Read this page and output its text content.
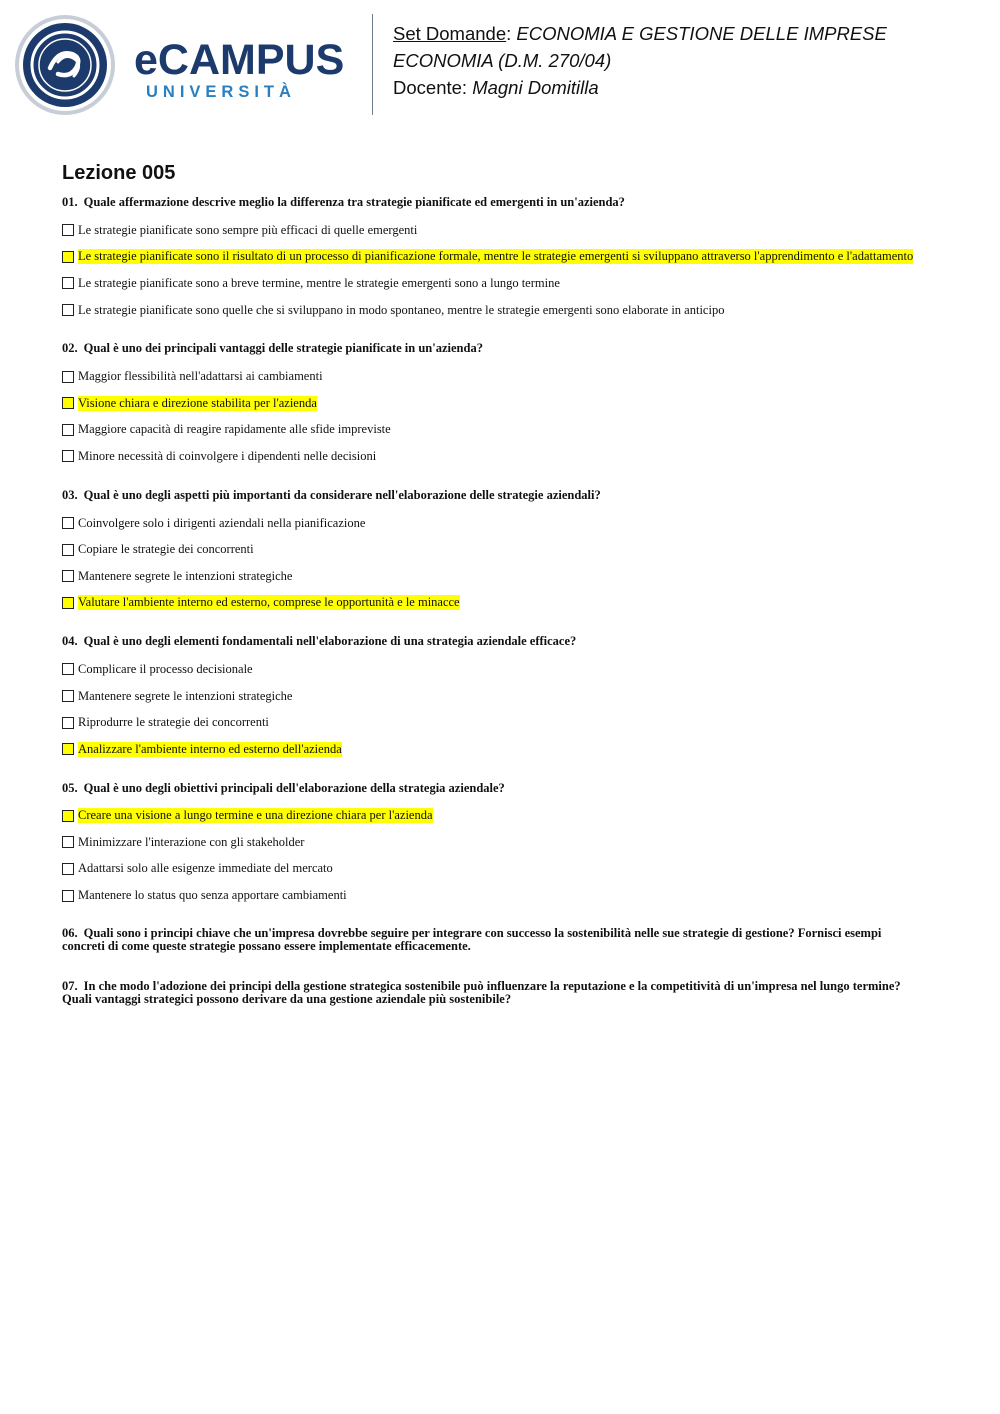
eCAMPUS
UNIVERSITÀ
Set Domande: ECONOMIA E GESTIONE DELLE IMPRESE
ECONOMIA (D.M. 270/04)
Docente: Magni Domitilla
Lezione 005
01. Quale affermazione descrive meglio la differenza tra strategie pianificate ed emergenti in un'azienda?
Le strategie pianificate sono sempre più efficaci di quelle emergenti
Le strategie pianificate sono il risultato di un processo di pianificazione formale, mentre le strategie emergenti si sviluppano attraverso l'apprendimento e l'adattamento
Le strategie pianificate sono a breve termine, mentre le strategie emergenti sono a lungo termine
Le strategie pianificate sono quelle che si sviluppano in modo spontaneo, mentre le strategie emergenti sono elaborate in anticipo
02. Qual è uno dei principali vantaggi delle strategie pianificate in un'azienda?
Maggior flessibilità nell'adattarsi ai cambiamenti
Visione chiara e direzione stabilita per l'azienda
Maggiore capacità di reagire rapidamente alle sfide impreviste
Minore necessità di coinvolgere i dipendenti nelle decisioni
03. Qual è uno degli aspetti più importanti da considerare nell'elaborazione delle strategie aziendali?
Coinvolgere solo i dirigenti aziendali nella pianificazione
Copiare le strategie dei concorrenti
Mantenere segrete le intenzioni strategiche
Valutare l'ambiente interno ed esterno, comprese le opportunità e le minacce
04. Qual è uno degli elementi fondamentali nell'elaborazione di una strategia aziendale efficace?
Complicare il processo decisionale
Mantenere segrete le intenzioni strategiche
Riprodurre le strategie dei concorrenti
Analizzare l'ambiente interno ed esterno dell'azienda
05. Qual è uno degli obiettivi principali dell'elaborazione della strategia aziendale?
Creare una visione a lungo termine e una direzione chiara per l'azienda
Minimizzare l'interazione con gli stakeholder
Adattarsi solo alle esigenze immediate del mercato
Mantenere lo status quo senza apportare cambiamenti
06. Quali sono i principi chiave che un'impresa dovrebbe seguire per integrare con successo la sostenibilità nelle sue strategie di gestione? Fornisci esempi concreti di come queste strategie possano essere implementate efficacemente.
07. In che modo l'adozione dei principi della gestione strategica sostenibile può influenzare la reputazione e la competitività di un'impresa nel lungo termine? Quali vantaggi strategici possono derivare da una gestione aziendale più sostenibile?
